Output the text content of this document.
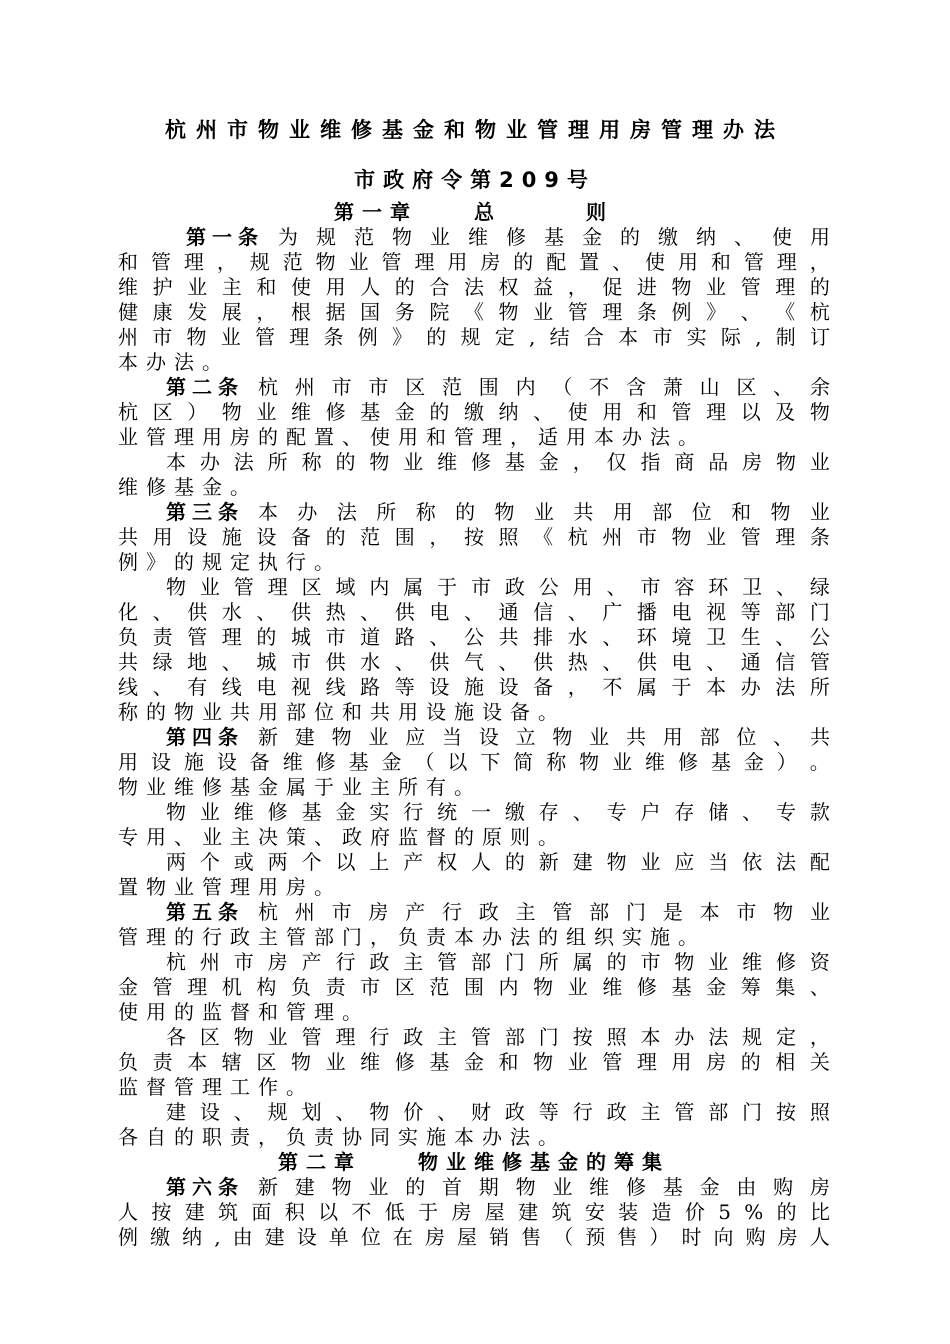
杭州市物业维修基金和物业管理用房管理办法
市政府令第209号
第一章　　总　　　则
第一条 为 规 范 物 业 维 修 基 金 的 缴 纳 、 使 用
和 管 理 ， 规 范 物 业 管 理 用 房 的 配 置 、 使 用 和 管 理 ，
维 护 业 主 和 使 用 人 的 合 法 权 益 ， 促 进 物 业 管 理 的
健 康 发 展 ， 根 据 国 务 院 《 物 业 管 理 条 例 》 、 《 杭
州 市 物 业 管 理 条 例 》 的 规 定 , 结 合 本 市 实 际 , 制 订
本办法。
第二条 杭 州 市 市 区 范 围 内 （ 不 含 萧 山 区 、 余
杭 区 ） 物 业 维 修 基 金 的 缴 纳 、 使 用 和 管 理 以 及 物
业管理用房的配置、使用和管理，适用本办法。
本 办 法 所 称 的 物 业 维 修 基 金 ， 仅 指 商 品 房 物 业
维修基金。
第三条 本 办 法 所 称 的 物 业 共 用 部 位 和 物 业
共 用 设 施 设 备 的 范 围 ， 按 照 《 杭 州 市 物 业 管 理 条
例》的规定执行。
物 业 管 理 区 域 内 属 于 市 政 公 用 、 市 容 环 卫 、 绿
化 、 供 水 、 供 热 、 供 电 、 通 信 、 广 播 电 视 等 部 门
负 责 管 理 的 城 市 道 路 、 公 共 排 水 、 环 境 卫 生 、 公
共 绿 地 、 城 市 供 水 、 供 气 、 供 热 、 供 电 、 通 信 管
线 、 有 线 电 视 线 路 等 设 施 设 备 ， 不 属 于 本 办 法 所
称的物业共用部位和共用设施设备。
第四条 新 建 物 业 应 当 设 立 物 业 共 用 部 位 、 共
用 设 施 设 备 维 修 基 金 （ 以 下 简 称 物 业 维 修 基 金 ） 。
物业维修基金属于业主所有。
物 业 维 修 基 金 实 行 统 一 缴 存 、 专 户 存 储 、 专 款
专用、业主决策、政府监督的原则。
两 个 或 两 个 以 上 产 权 人 的 新 建 物 业 应 当 依 法 配
置物业管理用房。
第五条 杭 州 市 房 产 行 政 主 管 部 门 是 本 市 物 业
管理的行政主管部门，负责本办法的组织实施。
杭 州 市 房 产 行 政 主 管 部 门 所 属 的 市 物 业 维 修 资
金 管 理 机 构 负 责 市 区 范 围 内 物 业 维 修 基 金 筹 集 、
使用的监督和管理。
各 区 物 业 管 理 行 政 主 管 部 门 按 照 本 办 法 规 定 ，
负 责 本 辖 区 物 业 维 修 基 金 和 物 业 管 理 用 房 的 相 关
监督管理工作。
建 设 、 规 划 、 物 价 、 财 政 等 行 政 主 管 部 门 按 照
各自的职责，负责协同实施本办法。
第二章　　物业维修基金的筹集
第六条 新 建 物 业 的 首 期 物 业 维 修 基 金 由 购 房
人 按 建 筑 面 积 以 不 低 于 房 屋 建 筑 安 装 造 价 5 % 的 比
例 缴 纳 , 由 建 设 单 位 在 房 屋 销 售 （ 预 售 ） 时 向 购 房 人
